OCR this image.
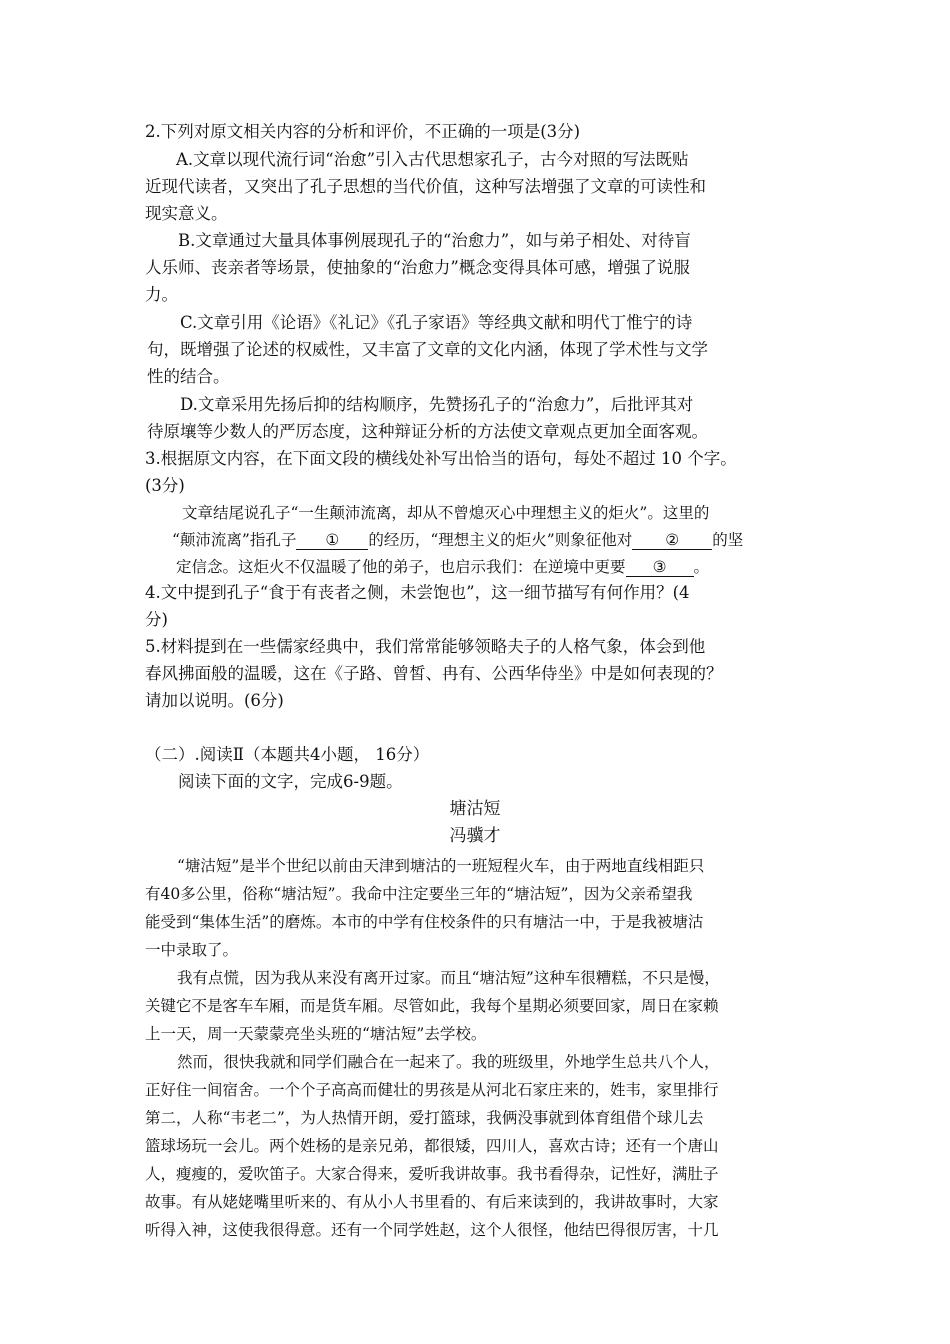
2.下列对原文相关内容的分析和评价，不正确的一项是(3分)
A.文章以现代流行词“治愈”引入古代思想家孔子，古今对照的写法既贴
近现代读者，又突出了孔子思想的当代价值，这种写法增强了文章的可读性和
现实意义。
B.文章通过大量具体事例展现孔子的“治愈力”，如与弟子相处、对待盲
人乐师、丧亲者等场景，使抽象的“治愈力”概念变得具体可感，增强了说服
力。
C.文章引用《论语》《礼记》《孔子家语》等经典文献和明代丁惟宁的诗
句，既增强了论述的权威性，又丰富了文章的文化内涵，体现了学术性与文学
性的结合。
D.文章采用先扬后抑的结构顺序，先赞扬孔子的“治愈力”，后批评其对
待原壤等少数人的严厉态度，这种辩证分析的方法使文章观点更加全面客观。
3.根据原文内容，在下面文段的横线处补写出恰当的语句，每处不超过 10 个字。
(3分)
文章结尾说孔子“一生颠沛流离，却从不曾熄灭心中理想主义的炬火”。这里的
“颠沛流离”指孔子 ① 的经历，“理想主义的炬火”则象征他对 ② 的坚
定信念。这炬火不仅温暖了他的弟子，也启示我们：在逆境中更要 ③ 。
4.文中提到孔子“食于有丧者之侧，未尝饱也”，这一细节描写有何作用？(4
分)
5.材料提到在一些儒家经典中，我们常常能够领略夫子的人格气象，体会到他
春风拂面般的温暖，这在《子路、曾皙、冉有、公西华侍坐》中是如何表现的？
请加以说明。(6分)
（二）.阅读Ⅱ（本题共4小题， 16分）
阅读下面的文字，完成6-9题。
塘沽短
冯骥才
“塘沽短”是半个世纪以前由天津到塘沽的一班短程火车，由于两地直线相距只
有40多公里，俗称“塘沽短”。我命中注定要坐三年的“塘沽短”，因为父亲希望我
能受到“集体生活”的磨炼。本市的中学有住校条件的只有塘沽一中，于是我被塘沽
一中录取了。
我有点慌，因为我从来没有离开过家。而且“塘沽短”这种车很糟糕，不只是慢，
关键它不是客车车厢，而是货车厢。尽管如此，我每个星期必须要回家，周日在家赖
上一天，周一天蒙蒙亮坐头班的“塘沽短”去学校。
然而，很快我就和同学们融合在一起来了。我的班级里，外地学生总共八个人，
正好住一间宿舍。一个个子高高而健壮的男孩是从河北石家庄来的，姓韦，家里排行
第二，人称“韦老二”，为人热情开朗，爱打篮球，我俩没事就到体育组借个球儿去
篮球场玩一会儿。两个姓杨的是亲兄弟，都很矮，四川人，喜欢古诗；还有一个唐山
人，瘦瘦的，爱吹笛子。大家合得来，爱听我讲故事。我书看得杂，记性好，满肚子
故事。有从姥姥嘴里听来的、有从小人书里看的、有后来读到的，我讲故事时，大家
听得入神，这使我很得意。还有一个同学姓赵，这个人很怪，他结巴得很厉害，十几
